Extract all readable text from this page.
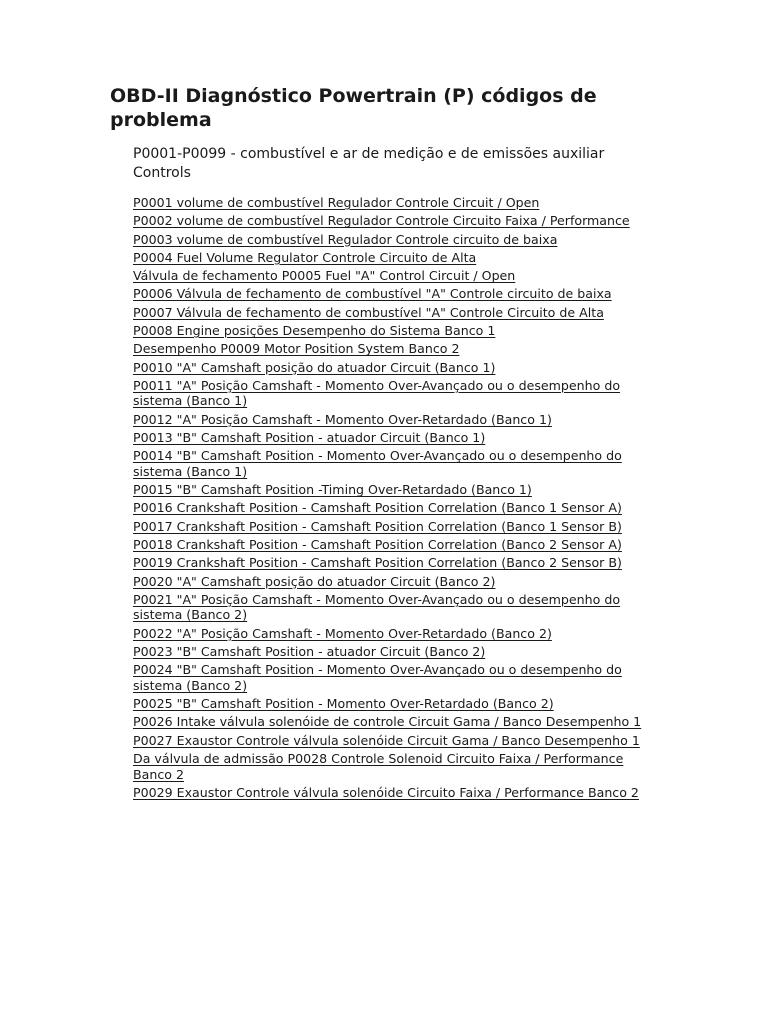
OBD-II Diagnóstico Powertrain (P) códigos de problema

P0001-P0099 - combustível e ar de medição e de emissões auxiliar Controls

P0001 volume de combustível Regulador Controle Circuit / Open
P0002 volume de combustível Regulador Controle Circuito Faixa / Performance
P0003 volume de combustível Regulador Controle circuito de baixa
P0004 Fuel Volume Regulator Controle Circuito de Alta
Válvula de fechamento P0005 Fuel "A" Control Circuit / Open
P0006 Válvula de fechamento de combustível "A" Controle circuito de baixa
P0007 Válvula de fechamento de combustível "A" Controle Circuito de Alta
P0008 Engine posições Desempenho do Sistema Banco 1
Desempenho P0009 Motor Position System Banco 2
P0010 "A" Camshaft posição do atuador Circuit (Banco 1)
P0011 "A" Posição Camshaft - Momento Over-Avançado ou o desempenho do sistema (Banco 1)
P0012 "A" Posição Camshaft - Momento Over-Retardado (Banco 1)
P0013 "B" Camshaft Position - atuador Circuit (Banco 1)
P0014 "B" Camshaft Position - Momento Over-Avançado ou o desempenho do sistema (Banco 1)
P0015 "B" Camshaft Position -Timing Over-Retardado (Banco 1)
P0016 Crankshaft Position - Camshaft Position Correlation (Banco 1 Sensor A)
P0017 Crankshaft Position - Camshaft Position Correlation (Banco 1 Sensor B)
P0018 Crankshaft Position - Camshaft Position Correlation (Banco 2 Sensor A)
P0019 Crankshaft Position - Camshaft Position Correlation (Banco 2 Sensor B)
P0020 "A" Camshaft posição do atuador Circuit (Banco 2)
P0021 "A" Posição Camshaft - Momento Over-Avançado ou o desempenho do sistema (Banco 2)
P0022 "A" Posição Camshaft - Momento Over-Retardado (Banco 2)
P0023 "B" Camshaft Position - atuador Circuit (Banco 2)
P0024 "B" Camshaft Position - Momento Over-Avançado ou o desempenho do sistema (Banco 2)
P0025 "B" Camshaft Position - Momento Over-Retardado (Banco 2)
P0026 Intake válvula solenóide de controle Circuit Gama / Banco Desempenho 1
P0027 Exaustor Controle válvula solenóide Circuit Gama / Banco Desempenho 1
Da válvula de admissão P0028 Controle Solenoid Circuito Faixa / Performance Banco 2
P0029 Exaustor Controle válvula solenóide Circuito Faixa / Performance Banco 2
